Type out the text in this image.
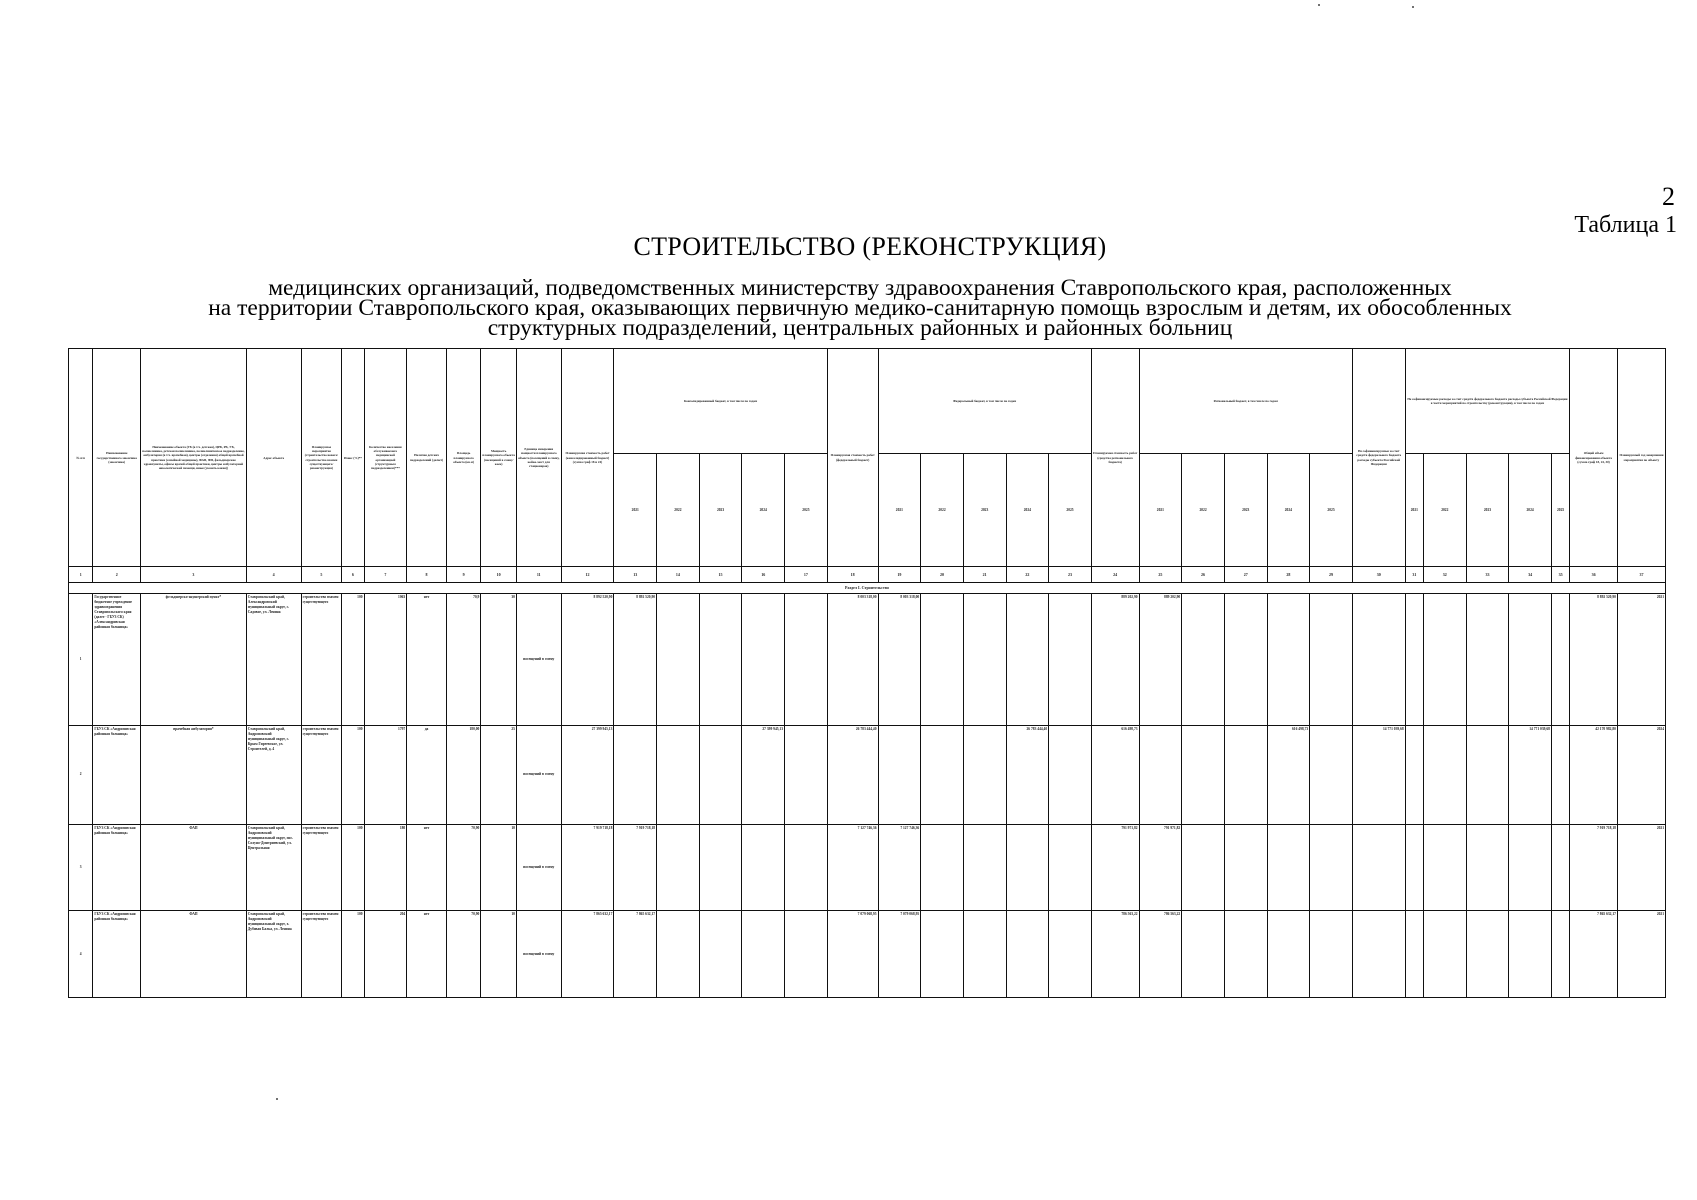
2
Таблица 1
СТРОИТЕЛЬСТВО (РЕКОНСТРУКЦИЯ)
медицинских организаций, подведомственных министерству здравоохранения Ставропольского края, расположенных
на территории Ставропольского края, оказывающих первичную медико-санитарную помощь взрослым и детям, их обособленных
структурных подразделений, центральных районных и районных больниц
№ п/п	Наименование государственного заказчика (заказчика)	Наименование объекта (ГБ (в т.ч. детская), ЦРБ, РБ, УБ, поликлиника, детская поликлиника, поликлиническое подразделение, амбулатория (в т.ч. врачебная), центры (отделения) общей врачебной практики (семейной медицины), ФАП, ФП, фельдшерские здравпункты, офисы врачей общей практики, центры амбулаторной онкологической помощи, иные (указать какие))	Адрес объекта	Планируемое мероприятие (строительство нового/строительство взамен существующего/реконструкция)	Износ (%)**	Количество населения обслуживаемого медицинской организацией (структурным подразделением)***	Наличие детских подразделений (да/нет)	Площадь планируемого объекта (кв.м)	Мощность планируемого объекта (посещений в смену/коек)	Единица измерения мощности планируемого объекта (посещений в смену, койко-мест для стационаров)	Планируемая стоимость работ (консолидированный бюджет) (сумма граф 18 и 24)	Консолидированный бюджет, в том числе по годам					Планируемая стоимость работ (федеральный бюджет)	Федеральный бюджет, в том числе по годам					Планируемая стоимость работ (средства регионального бюджета)	Региональный бюджет, в том числе по годам					Не софинансируемые за счет средств федерального бюджета расходы субъекта Российской Федерации	Не софинансируемые расходы за счет средств федерального бюджета расходы субъекта Российской Федерации в части мероприятий по строительству (реконструкции), в том числе по годам					Общий объем финансирования объекта (сумма граф 18, 24, 30)	Планируемый год завершения мероприятия по объекту
												2021	2022	2023	2024	2025		2021	2022	2023	2024	2025		2021	2022	2023	2024	2025		2021	2022	2023	2024	2025		
1	2	3	4	5	6	7	8	9	10	11	12	13	14	15	16	17	18	19	20	21	22	23	24	25	26	27	28	29	30	31	32	33	34	35	36	37
Раздел I. Строительство																																				
1	Государственное бюджетное учреждение здравоохранения Ставропольского края (далее - ГБУЗ СК) «Александровская районная больница»	фельдшерско-акушерский пункт*	Ставропольский край, Александровский муниципальный округ, с. Садовое, ул. Ленина	строительство взамен существующего	100	1063	нет	70,9	30	посещений в смену	8 892 520,90	8 892 520,90					8 003 318,00	8 003 318,00					889 202,90	889 202,90											8 892 520,90	2021
2	ГБУЗ СК «Андроповская районная больница»	врачебная амбулатория*	Ставропольский край, Андроповский муниципальный округ, с. Крым Гиреевское, ул. Строителей, д. 4	строительство взамен существующего	100	1797	да	180,00	25	посещений в смену	27 399 945,13				27 399 945,13		26 783 444,40				26 783 444,40		616 498,73				616 498,73		14 771 039,68				14 771 039,68		42 170 982,80	2024
3	ГБУЗ СК «Андроповская районная больница»	ФАП	Ставропольский край, Андроповский муниципальный округ, пос. Солуно-Дмитриевский, ул. Центральная	строительство взамен существующего	100	180	нет	70,90	10	посещений в смену	7 919 718,18	7 919 718,18					7 127 746,36	7 127 746,36					791 971,82	791 971,82											7 919 718,18	2021
4	ГБУЗ СК «Андроповская районная больница»	ФАП	Ставропольский край, Андроповский муниципальный округ, х. Дубовая Балка, ул. Ленина	строительство взамен существующего	100	204	нет	70,90	10	посещений в смену	7 865 632,17	7 865 632,17					7 079 068,95	7 079 068,95					786 563,22	786 563,22											7 865 632,17	2021
